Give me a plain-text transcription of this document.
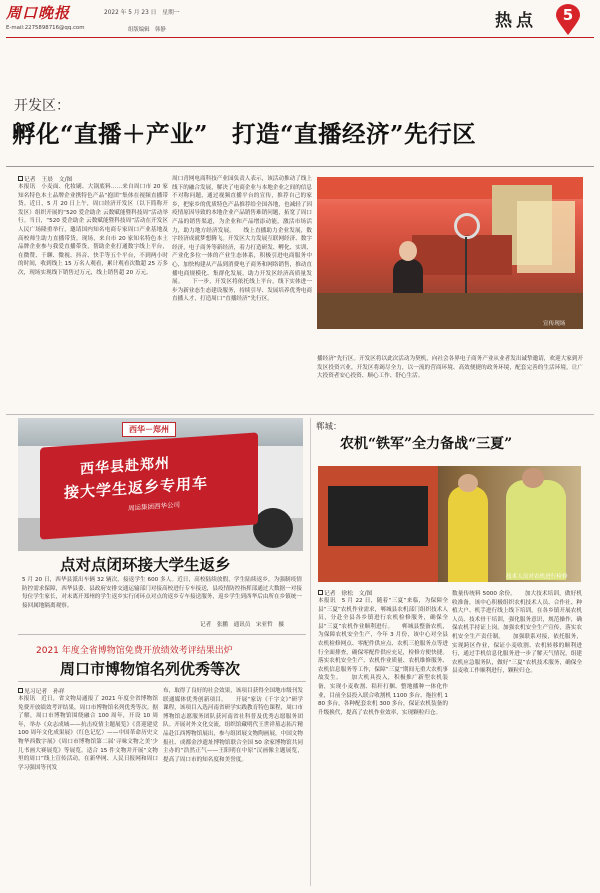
周口晚报	2022 年 5 月 23 日　星期一
E-mail:2275898716@qq.com	组版编辑　韩静	热点	5
开发区：
孵化“直播＋产业”　打造“直播经济”先行区
记者　王晨　文/图
本报讯　小麦面、化妆刷、大锅底料……来自周口市 20 家知名特色本土品牌企业携特色产品“抱团”集体在视频直播带货。近日，5 月 20 日上午，周口经济开发区（以下简称开发区）组织开展的“520 爱企助企 云数赋能暨科技周”活动举行。当日，“520 爱企助企 云数赋能暨科技周”活动在开发区人民广场隆重举行，邀请国内知名电商专家周口产业基地及高校师生助力直播带货。现场，来自市 20 家知名特色本土品牌企业参与我爱直播带货，帮助企业打通数字线上平台，在微赞、千聊、微视、抖音、快手等五个平台，不到两小时的时间，收到线上 15 万名人观看，累计观看次数超 25 万多次，现场实现线下销售过万元，线上销售超 20 万元。
周口青网电商科技产业园负责人表示，该活动推动了线上线下的融合发展，解决了电商企业与本地企业之间的信息不对称问题，通过视频直播平台的宣传，推荐自己的家乡，把家乡的优质特色产品推荐给全国各地，也减轻了因疫情原因导致的本地企业产品销售难销问题，拓宽了周口产品的销售渠道，为企业和产品增添动能，激活市场活力，助力地方经济发展。　　线上直播助力企业发展，数字经济成就梦想腾飞。开发区大力发展互联网经济、数字经济，电子商务等新经济，着力打造研发、孵化、实训、产业化多位一体的产业生态体系，积极引进电商服务中心，加快构建从产品到消费电子商务和网络销售，推动直播电商规模化、集群化发展，助力开发区经济高质量发展。　　下一步，开发区将依托线上平台，线下实体进一步为新业态生态建设服务，持续引导、发展培养优秀电商直播人才，打造周口“直播经济”先行区。
宣传现场
播经济”先行区。开发区将以此次活动为契机，向社会各界电子商务产业从业者发出诚挚邀请，欢迎大家到开发区投资兴业，开发区将竭尽全力，以一流的营商环境、高效便捷的政务环境，配套完善的生活环境，让广大投资者安心投资、顺心工作、舒心生活。
西华－郑州
西华县赴郑州
接大学生返乡专用车
周运集团西华公司
点对点闭环接大学生返乡
5 月 20 日，西华县派出车辆 32 辆次，接返学生 600 多人。近日，高校陆续放假，学生陆续返乡，为强制疫情防控需求保障，西华县委、县政府安排交通运输部门对接高校进行专车接送，县疫情防控指挥部通过大数据一对接每位学生家长，对未离开郑州的学生返乡实行闭环点对点的返乡专车接送服务，返乡学生到西华后由所在乡镇统一接回属地隔离观察。
记者　张鹏　通讯员　宋亚哲　摄
2021 年度全省博物馆免费开放绩效考评结果出炉
周口市博物馆名列优秀等次
见习记者　孙祥
本报讯　近日，省文物局通报了 2021 年度全省博物馆免费开放绩效考评结果，周口市博物馆名列优秀等次。据了解，周口市博物馆围绕融合 100 周年，开设 10 周年，举办《众志成城——抗击疫情主题展览》《喜迎建党 100 周年文化成果展》（红色记忆）——中国革命历史文物华西数字展》《周口市博物馆第二届‘寻味文物之美’少儿书画大赛展览》等展览。适合 15 件文物并开展“文物里的周口”线上宣传活动，在新华网、人民日报网和周口学习强国等刊发
布，取得了良好的社会效果，该项目获得全国地市级刊发联通媒体优秀创新项目。　　开展“家访《千字文》”研学课程，该项目入选河南省研学实践教育特色课程，周口市博物馆志愿服务团队获河南省社科普及优秀志愿服务团队。开展对外文化交流，组织馆藏明代王世祥墓志拓片精品赴江西博物馆展出，参与组团展文物陶画展，中国文物报社、成都金沙遗址博物馆联合全国 50 余家博物馆共同主办的“浩然正气——王阳明在中原”汉画像主题展览，提高了周口市的知名度和美誉度。
郸城：
农机“铁军”全力备战“三夏”
技术人员对农机进行检修
记者　徐松　文/图
本报讯　5 月 22 日，随着“三夏”来临，为保障全县“三夏”农机作业需求，郸城县农机部门组织技术人员，分赴全县各乡镇进行农机检修服务，确保全县“三夏”农机作业顺利进行。　　郸城县整备农机，为保障农机安全生产，今年 3 月份，该中心对全县农机检修网点、零配件供应点、农机三抢服务点等进行全面排查，确保零配件供应充足，检修方便快捷。落实农机安全生产、农机作业质量、农机维修服务、农机信息服务等工作，保障“三夏”期间无重大农机事故发生。　　加大机具投入，积极推广新型农机装备，实现小麦收割、秸秆打捆、整地播种一体化作业，目前全县投入联合收割机 1100 多台、拖拉机 180 多台，各种配套农机 300 多台，保证农机装备的升级换代，提高了农机作业效率，实现颗粒归仓。
数量传统料 5000 余份。　　加大技术培训，做好机收准备，该中心积极组织农机技术人员、合作社、种植大户、机手进行线上线下培训，在各乡镇开展农机人员、技术骨干培训，强化服务意识，规范操作，确保农机手持证上岗。加强农机安全生产宣传，落实农机安全生产责任制。　　加强联系对接，依托服务，实现跨区作业，保证小麦收割、农机转移的顺利进行，通过手机信息化服务进一步了解天气情况，组建农机应急服务队，做好“三夏”农机技术服务，确保全县麦收工作顺利进行，颗粒归仓。
